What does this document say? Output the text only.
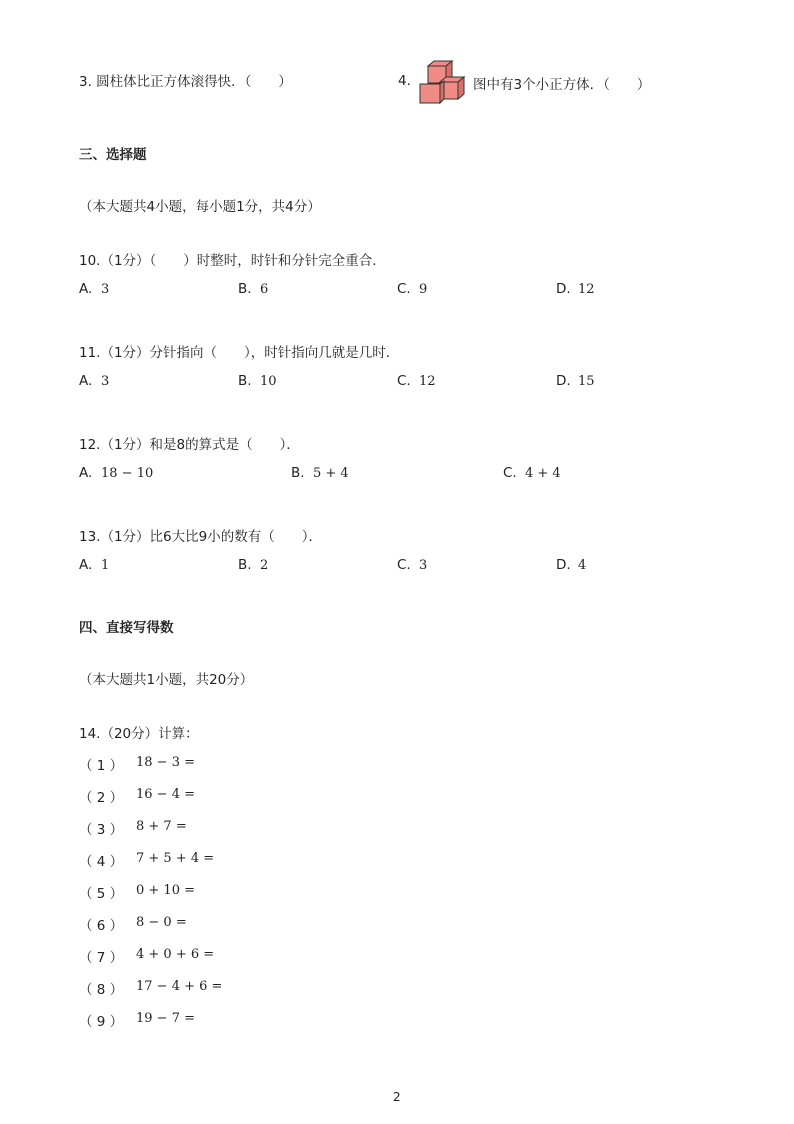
3. 圆柱体比正方体滚得快．（　　）	4.	图中有3个小正方体．（　　）
三、选择题
（本大题共4小题，每小题1分，共4分）
10.（1分）（　　）时整时，时针和分针完全重合．
A. 3	B. 6	C. 9	D. 12
11.（1分）分针指向（　　），时针指向几就是几时．
A. 3	B. 10	C. 12	D. 15
12.（1分）和是8的算式是（　　）．
A. 18 − 10	B. 5 + 4	C. 4 + 4
13.（1分）比6大比9小的数有（　　）．
A. 1	B. 2	C. 3	D. 4
四、直接写得数
（本大题共1小题，共20分）
14.（20分）计算：
（ 1 ） 18 − 3 =
（ 2 ） 16 − 4 =
（ 3 ） 8 + 7 =
（ 4 ） 7 + 5 + 4 =
（ 5 ） 0 + 10 =
（ 6 ） 8 − 0 =
（ 7 ） 4 + 0 + 6 =
（ 8 ） 17 − 4 + 6 =
（ 9 ） 19 − 7 =
2
